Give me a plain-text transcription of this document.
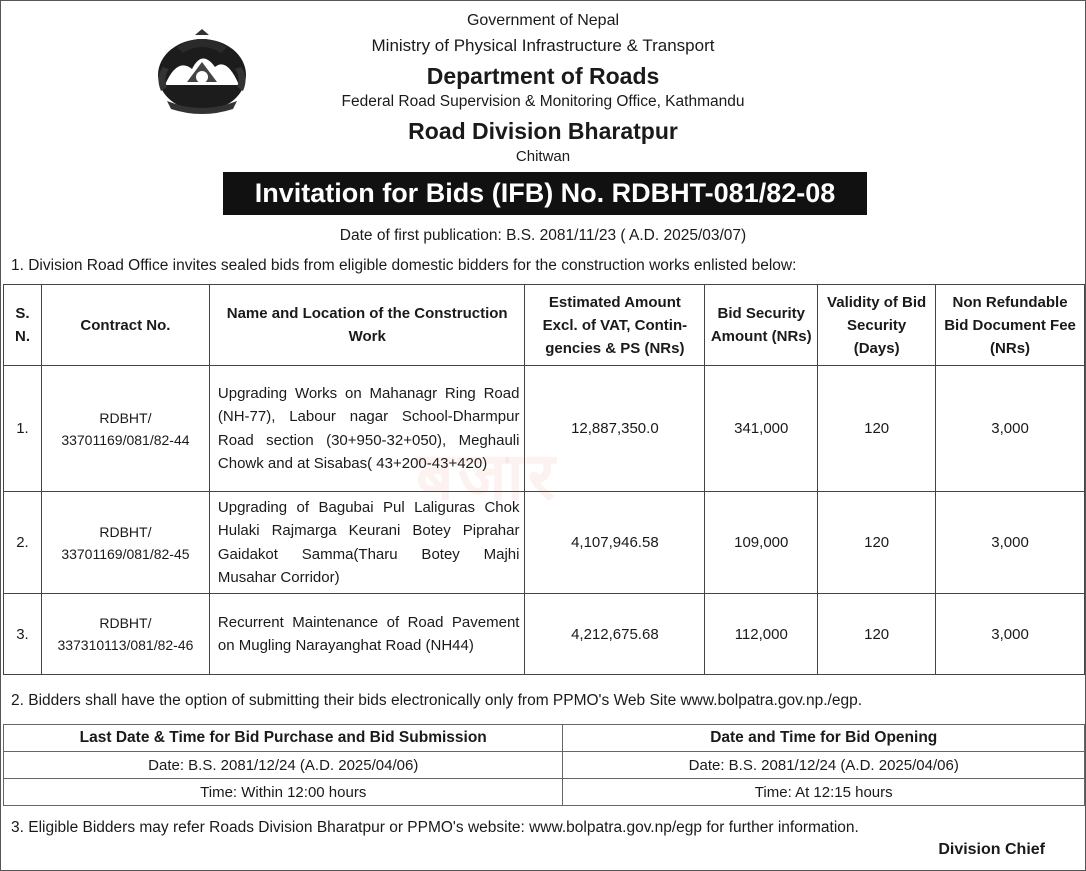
Government of Nepal
Ministry of Physical Infrastructure & Transport
Department of Roads
Federal Road Supervision & Monitoring Office, Kathmandu
Road Division Bharatpur
Chitwan
Invitation for Bids (IFB) No. RDBHT-081/82-08
Date of first publication: B.S. 2081/11/23 ( A.D. 2025/03/07)
1. Division Road Office invites sealed bids from eligible domestic bidders for the construction works enlisted below:
S. N.	Contract No.	Name and Location of the Construction Work	Estimated Amount Excl. of VAT, Contin-gencies & PS (NRs)	Bid Security Amount (NRs)	Validity of Bid Security (Days)	Non Refundable Bid Document Fee (NRs)
1.	RDBHT/
33701169/081/82-44	Upgrading Works on Mahanagr Ring Road (NH-77), Labour nagar School-Dharmpur Road section (30+950-32+050), Meghauli Chowk and at Sisabas( 43+200-43+420)	12,887,350.0	341,000	120	3,000
2.	RDBHT/
33701169/081/82-45	Upgrading of Bagubai Pul Laliguras Chok Hulaki Rajmarga Keurani Botey Piprahar Gaidakot Samma(Tharu Botey Majhi Musahar Corridor)	4,107,946.58	109,000	120	3,000
3.	RDBHT/
337310113/081/82-46	Recurrent Maintenance of Road Pavement on Mugling Narayanghat Road (NH44)	4,212,675.68	112,000	120	3,000
बजार
2. Bidders shall have the option of submitting their bids electronically only from PPMO's Web Site www.bolpatra.gov.np./egp.
Last Date & Time for Bid Purchase and Bid Submission	Date and Time for Bid Opening
Date: B.S. 2081/12/24 (A.D. 2025/04/06)	Date: B.S. 2081/12/24 (A.D. 2025/04/06)
Time: Within 12:00 hours	Time: At 12:15 hours
3. Eligible Bidders may refer Roads Division Bharatpur or PPMO's website: www.bolpatra.gov.np/egp for further information.
Division Chief
